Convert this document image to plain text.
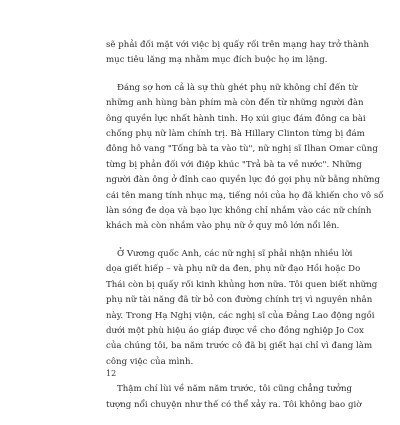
sẽ phải đối mặt với việc bị quấy rối trên mạng hay trở thành
mục tiêu lăng mạ nhằm mục đích buộc họ im lặng.

Đáng sợ hơn cả là sự thù ghét phụ nữ không chỉ đến từ
những anh hùng bàn phím mà còn đến từ những người đàn
ông quyền lực nhất hành tinh. Họ xúi giục đám đông ca bài
chống phụ nữ làm chính trị. Bà Hillary Clinton từng bị đám
đông hô vang "Tống bà ta vào tù", nữ nghị sĩ Ilhan Omar cũng
từng bị phản đối với điệp khúc "Trả bà ta về nước". Những
người đàn ông ở đỉnh cao quyền lực đó gọi phụ nữ bằng những
cái tên mang tính nhục mạ, tiếng nói của họ đã khiến cho vô số
làn sóng đe dọa và bạo lực không chỉ nhắm vào các nữ chính
khách mà còn nhắm vào phụ nữ ở quy mô lớn nổi lên.

Ở Vương quốc Anh, các nữ nghị sĩ phải nhận nhiều lời
dọa giết hiếp – và phụ nữ da đen, phụ nữ đạo Hồi hoặc Do
Thái còn bị quấy rối kinh khủng hơn nữa. Tôi quen biết những
phụ nữ tài năng đã từ bỏ con đường chính trị vì nguyên nhân
này. Trong Hạ Nghị viện, các nghị sĩ của Đảng Lao động ngồi
dưới một phù hiệu áo giáp được về cho đồng nghiệp Jo Cox
của chúng tôi, ba năm trước cô đã bị giết hại chỉ vì đang làm
công việc của mình.

Thậm chí lùi về năm năm trước, tôi cũng chẳng tưởng
tượng nổi chuyện như thế có thể xảy ra. Tôi không bao giờ

12
